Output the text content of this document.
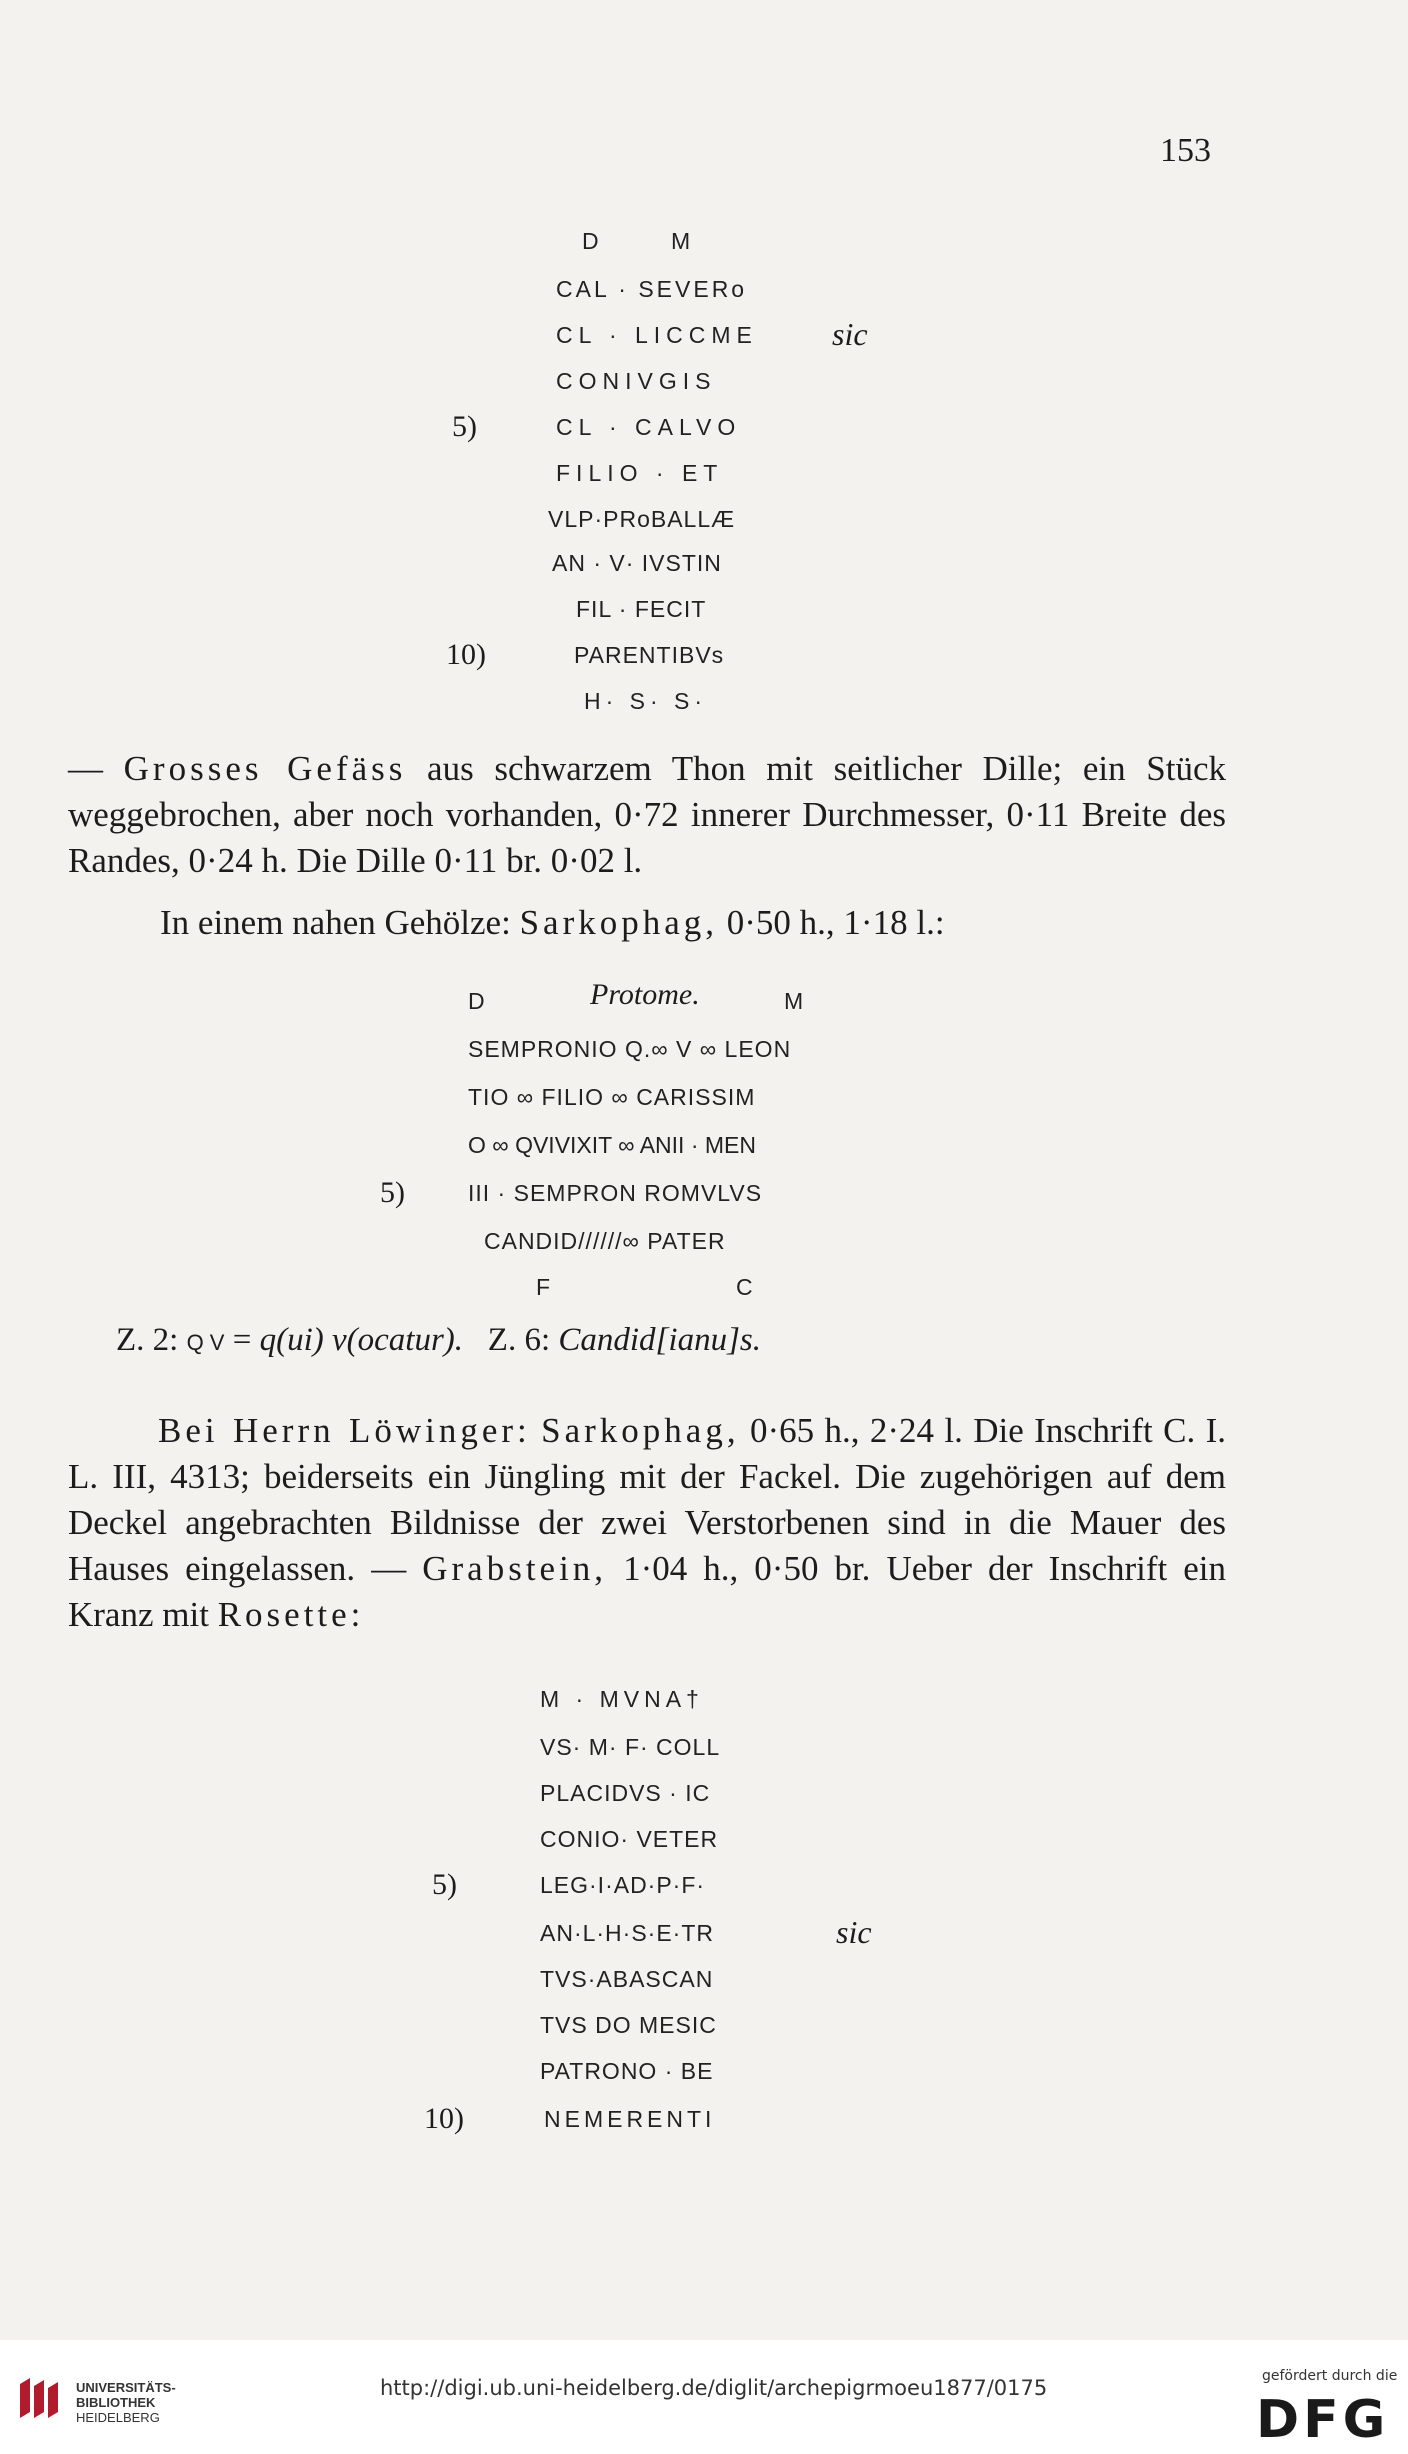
153
D M
CAL · SEVERo
CL · LICCME sic
CONIVGIS
5)	CL · CALVO
FILIO · ET
VLP·PRoBALLÆ
AN · V· IVSTIN
FIL · FECIT
10)	PARENTIBVs
H· S· S·

— Grosses Gefäss aus schwarzem Thon mit seitlicher Dille; ein Stück weggebrochen, aber noch vorhanden, 0·72 innerer Durchmesser, 0·11 Breite des Randes, 0·24 h. Die Dille 0·11 br. 0·02 l.

In einem nahen Gehölze: Sarkophag, 0·50 h., 1·18 l.:

D	Protome.	M
SEMPRONIO Q.∞ V ∞ LEON
TIO ∞ FILIO ∞ CARISSIM
O ∞ QVIVIXIT ∞ ANII · MEN
5)	III · SEMPRON ROMVLVS
CANDID//////∞ PATER
F	C
Z. 2: Q V = q(ui) v(ocatur). Z. 6: Candid[ianu]s.

Bei Herrn Löwinger: Sarkophag, 0·65 h., 2·24 l. Die Inschrift C. I. L. III, 4313; beiderseits ein Jüngling mit der Fackel. Die zugehörigen auf dem Deckel angebrachten Bildnisse der zwei Verstorbenen sind in die Mauer des Hauses eingelassen. — Grabstein, 1·04 h., 0·50 br. Ueber der Inschrift ein Kranz mit Rosette:

M · MVNA†
VS· M· F· COLL
PLACIDVS · IC
CONIO· VETER
5)	LEG·I·AD·P·F·
AN·L·H·S·E·TR	sic
TVS·ABASCAN
TVS DO MESIC
PATRONO · BE
10)	NEMERENTI
UNIVERSITÄTS-
BIBLIOTHEK
HEIDELBERG
http://digi.ub.uni-heidelberg.de/diglit/archepigrmoeu1877/0175	gefördert durch die
DFG
